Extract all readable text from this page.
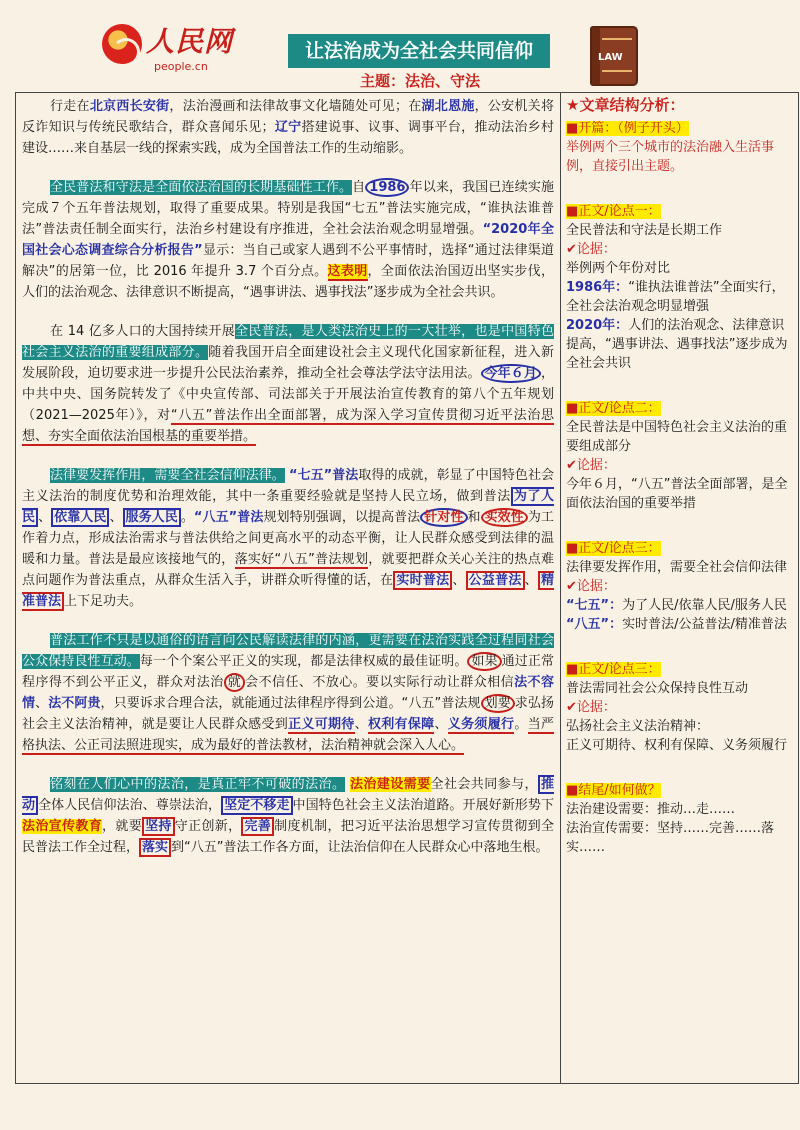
人民网
people.cn
让法治成为全社会共同信仰
主题：法治、守法
LAW

行走在北京西长安街，法治漫画和法律故事文化墙随处可见；在湖北恩施，公安机关将反诈知识与传统民歌结合，群众喜闻乐见；辽宁搭建说事、议事、调事平台，推动法治乡村建设……来自基层一线的探索实践，成为全国普法工作的生动缩影。

全民普法和守法是全面依法治国的长期基础性工作。自 1986 年以来，我国已连续实施完成７个五年普法规划，取得了重要成果。特别是我国“七五”普法实施完成，“谁执法谁普法”普法责任制全面实行，法治乡村建设有序推进，全社会法治观念明显增强。“2020年全国社会心态调查综合分析报告”显示：当自己或家人遇到不公平事情时，选择“通过法律渠道解决”的居第一位，比 2016 年提升 3.7 个百分点。这表明，全面依法治国迈出坚实步伐，人们的法治观念、法律意识不断提高，“遇事讲法、遇事找法”逐步成为全社会共识。

在 14 亿多人口的大国持续开展全民普法，是人类法治史上的一大壮举，也是中国特色社会主义法治的重要组成部分。随着我国开启全面建设社会主义现代化国家新征程，进入新发展阶段，迫切要求进一步提升公民法治素养，推动全社会尊法学法守法用法。 今年６月 ，中共中央、国务院转发了《中央宣传部、司法部关于开展法治宣传教育的第八个五年规划（2021—2025年）》，对“八五”普法作出全面部署，成为深入学习宣传贯彻习近平法治思想、夯实全面依法治国根基的重要举措。

法律要发挥作用，需要全社会信仰法律。 “七五”普法取得的成就，彰显了中国特色社会主义法治的制度优势和治理效能，其中一条重要经验就是坚持人民立场，做到普法 为了人民 、 依靠人民 、 服务人民 。“八五”普法规划特别强调，以提高普法 针对性 和 实效性 为工作着力点，形成法治需求与普法供给之间更高水平的动态平衡，让人民群众感受到法律的温暖和力量。普法是最应该接地气的，落实好“八五”普法规划，就要把群众关心关注的热点难点问题作为普法重点，从群众生活入手，讲群众听得懂的话，在 实时普法 、 公益普法 、 精准普法 上下足功夫。

普法工作不只是以通俗的语言向公民解读法律的内涵，更需要在法治实践全过程同社会公众保持良性互动。每一个个案公平正义的实现，都是法律权威的最佳证明。 如果 通过正常程序得不到公平正义，群众对法治 就 会不信任、不放心。要以实际行动让群众相信法不容情、法不阿贵，只要诉求合理合法，就能通过法律程序得到公道。“八五”普法规 划要 求弘扬社会主义法治精神，就是要让人民群众感受到正义可期待、权利有保障、义务须履行。当严格执法、公正司法照进现实，成为最好的普法教材，法治精神就会深入人心。

铭刻在人们心中的法治，是真正牢不可破的法治。 法治建设需要全社会共同参与， 推动 全体人民信仰法治、尊崇法治， 坚定不移走 中国特色社会主义法治道路。开展好新形势下法治宣传教育，就要 坚持 守正创新， 完善 制度机制，把习近平法治思想学习宣传贯彻到全民普法工作全过程， 落实 到“八五”普法工作各方面，让法治信仰在人民群众心中落地生根。

★文章结构分析：

■开篇：（例子开头）

举例两个三个城市的法治融入生活事例，直接引出主题。

■正文/论点一：

全民普法和守法是长期工作

✔论据：

举例两个年份对比

1986年：“谁执法谁普法”全面实行，全社会法治观念明显增强

2020年：人们的法治观念、法律意识提高，“遇事讲法、遇事找法”逐步成为全社会共识

■正文/论点二：

全民普法是中国特色社会主义法治的重要组成部分

✔论据：

今年６月，“八五”普法全面部署，是全面依法治国的重要举措

■正文/论点三：

法律要发挥作用，需要全社会信仰法律

✔论据：

“七五”：为了人民/依靠人民/服务人民

“八五”：实时普法/公益普法/精准普法

■正文/论点三：

普法需同社会公众保持良性互动

✔论据：

弘扬社会主义法治精神：

正义可期待、权利有保障、义务须履行

■结尾/如何做？

法治建设需要：推动…走……

法治宣传需要：坚持……完善……落实……
